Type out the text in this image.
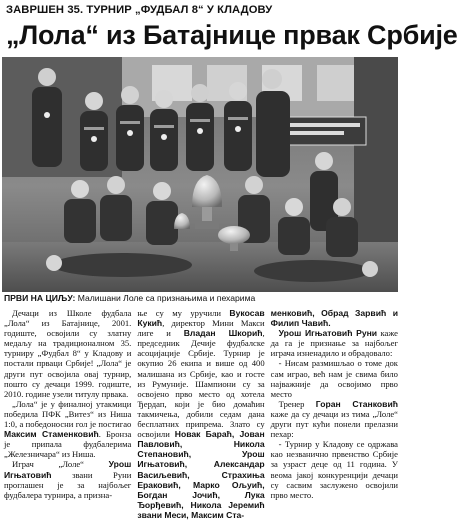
ЗАВРШЕН 35. ТУРНИР „ФУДБАЛ 8“ У КЛАДОВУ
„Лола“ из Батајнице првак Србије
ПРВИ НА ЦИЉУ: Малишани Лоле са признањима и пехарима

Дечаци из Школе фудбала „Лола“ из Батајнице, 2001. годиште, освојили су златну медаљу на традиционалном 35. турниру „Фудбал 8“ у Кладову и постали прваци Србије! „Лола“ је други пут освојила овај турнир, пошто су дечаци 1999. годиште, 2010. године узели титулу првака.

„Лола“ је у финалној утакмици победила ПФК „Витез“ из Ниша 1:0, а победоносни гол је постигао Максим Стаменковић. Бронза је припала фудбалерима „Железничара“ из Ниша.

Играч „Лоле“	Урош Игњатовић звани Руни проглашен је за најбољег фудбалера турнира, а призна-

ње су му уручили Вукосав Кукић, директор Мини Макси лиге и Владан Шкорић, председник Дечије фудбалске асоцијације Србије. Турнир је окупио 26 екипа и више од 400 малишана из Србије, као и госте из Румуније. Шампиони су за освојено прво место од хотела Ђердап, који је био домаћин такмичења, добили седам дана бесплатних припрема. Злато су освојили Новак Бараћ, Јован Павловић, Никола Степановић, Урош Игњатовић, Александар Васиљевић, Страхиња Ераковић, Марко Ољуић, Богдан Јочић, Лука Ђорђевић, Никола Јеремић звани Меси, Максим Ста-

менковић, Обрад Зарвић и Филип Чавић.

Урош Игњатовић Руни каже да га је признање за најбољег играча изненадило и обрадовало:

- Нисам размишљао о томе док сам играо, већ нам је свима било најважније да освојимо прво место

Тренер Горан Станковић каже да су дечаци из тима „Лоле“ други пут кући понели прелазни пехар:

- Турнир у Кладову се одржава као незванично првенство Србије за узраст деце од 11 година. У веома јакој конкуренцији дечаци су сасвим заслужено освојили прво место.
